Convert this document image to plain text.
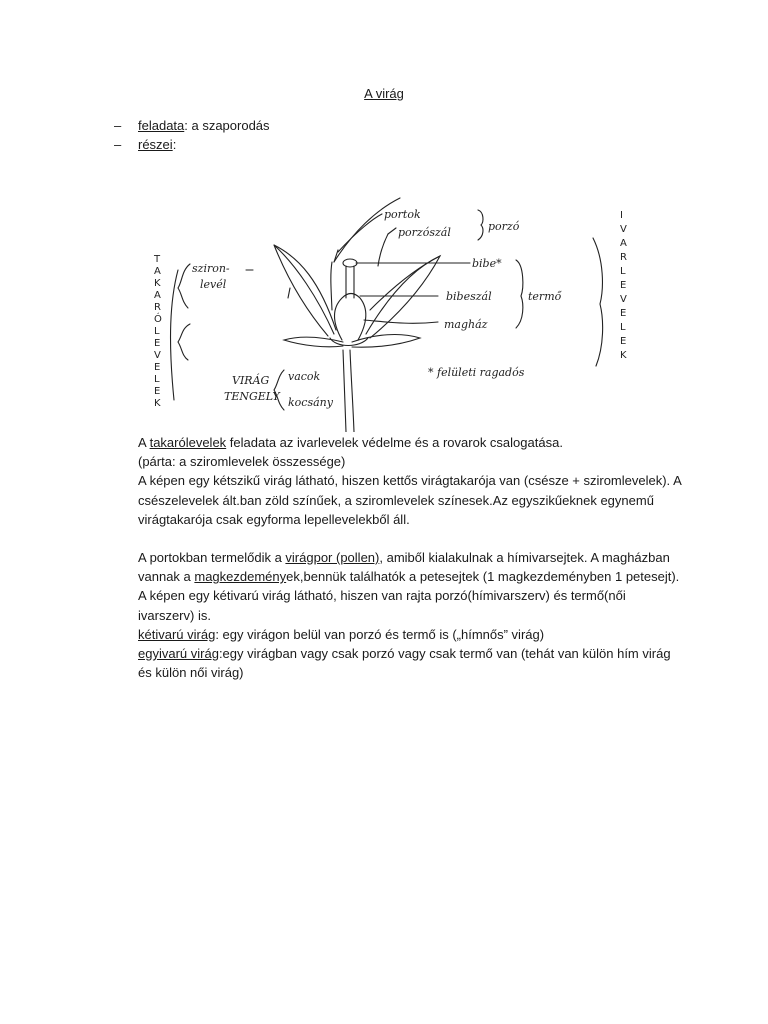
A virág
– feladata: a szaporodás
– részei:
portok
porzószál	porzó
bibe*
bibeszál	termő
magház
sziron-
levél
VIRÁG
TENGELY
vacok
kocsány
* felületi ragadós
T
A
K
A
R
Ó
L
E
V
E
L
E
K
I
V
A
R
L
E
V
E
L
E
K

A takarólevelek feladata az ivarlevelek védelme és a rovarok csalogatása.

(párta: a sziromlevelek összessége)

A képen egy kétszikű virág látható, hiszen kettős virágtakarója van (csésze + sziromlevelek). A csészelevelek ált.ban zöld színűek, a sziromlevelek színesek.Az egyszikűeknek egynemű virágtakarója csak egyforma lepellevelekből áll.

A portokban termelődik a virágpor (pollen), amiből kialakulnak a hímivarsejtek. A magházban vannak a magkezdemények,bennük találhatók a petesejtek (1 magkezdeményben 1 petesejt).

A képen egy kétivarú virág látható, hiszen van rajta porzó(hímivarszerv) és termő(női ivarszerv) is.

kétivarú virág: egy virágon belül van porzó és termő is („hímnős” virág)

egyivarú virág:egy virágban vagy csak porzó vagy csak termő van (tehát van külön hím virág és külön női virág)
